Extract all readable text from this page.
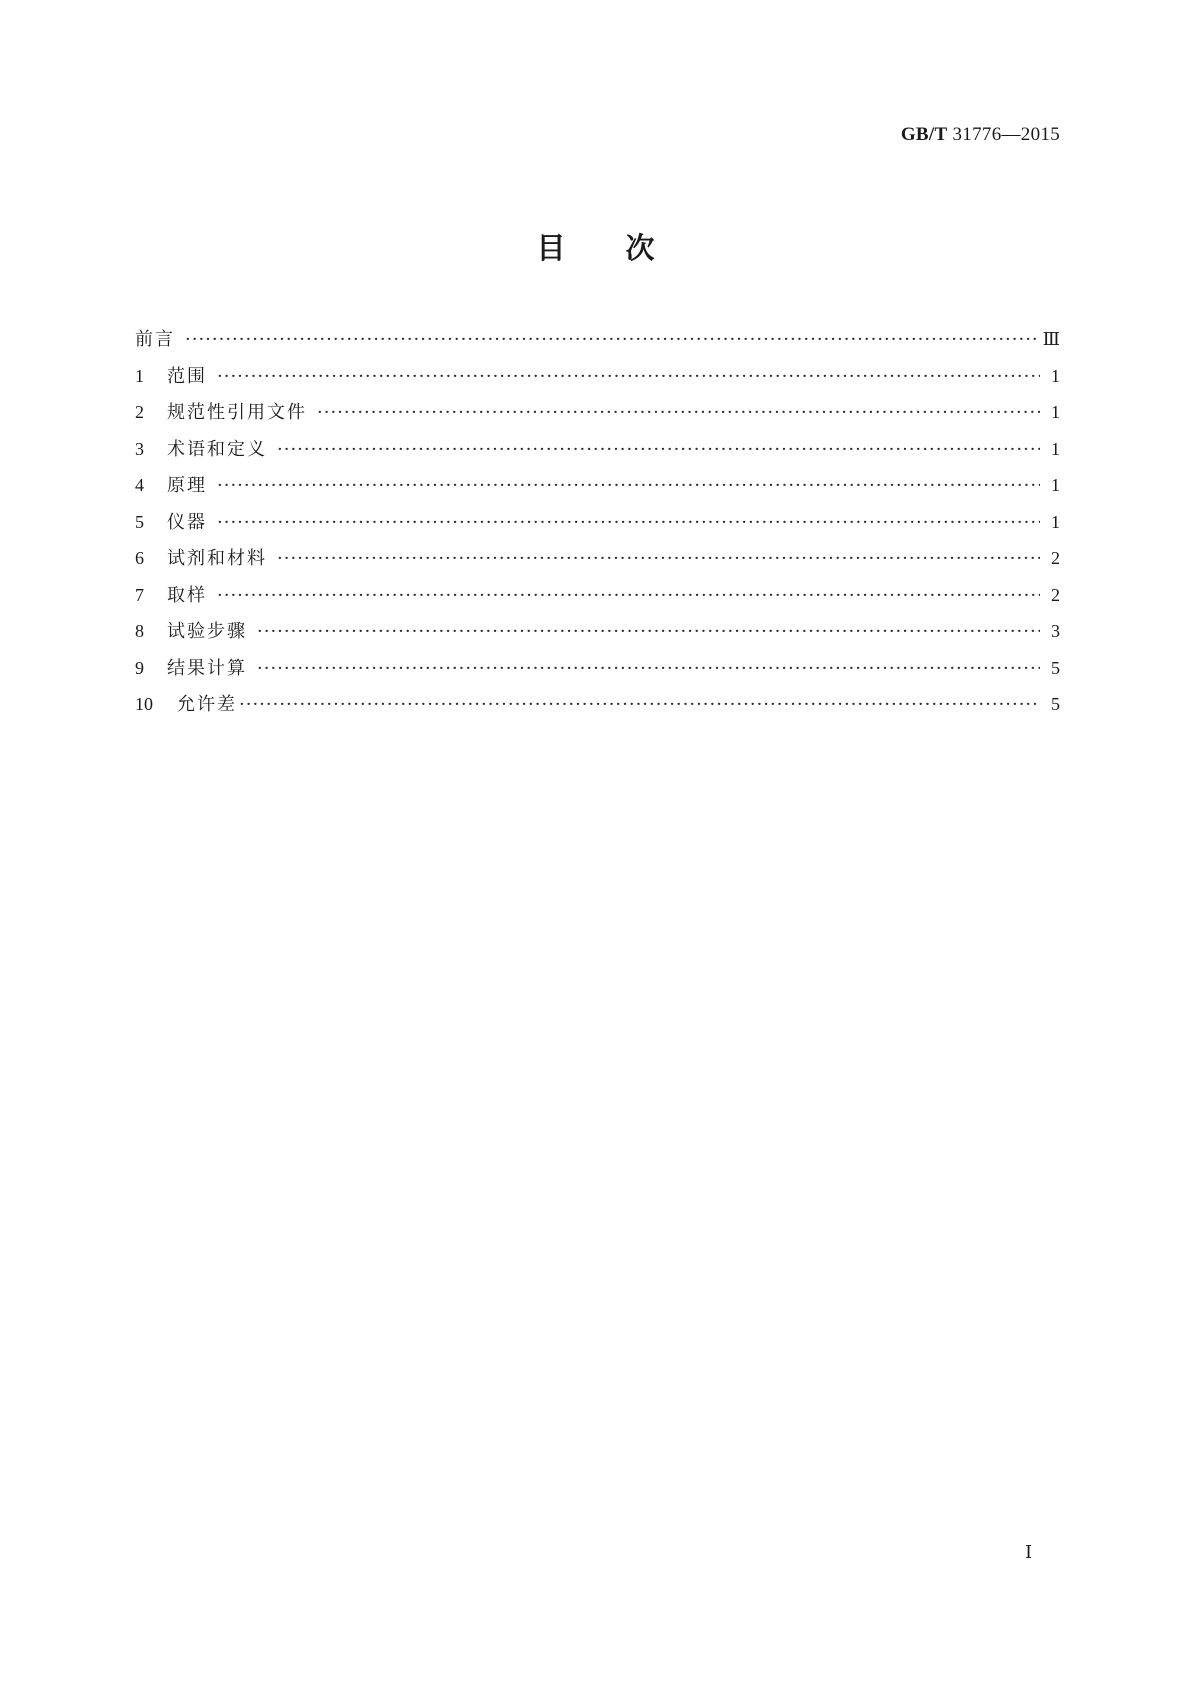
GB/T 31776—2015
目次
前言 ·····	Ⅲ
1	范围 ·····	1
2	规范性引用文件 ·····	1
3	术语和定义 ·····	1
4	原理 ·····	1
5	仪器 ·····	1
6	试剂和材料 ·····	2
7	取样 ·····	2
8	试验步骤 ·····	3
9	结果计算 ·····	5
10	允许差 ·····	5
Ⅰ
